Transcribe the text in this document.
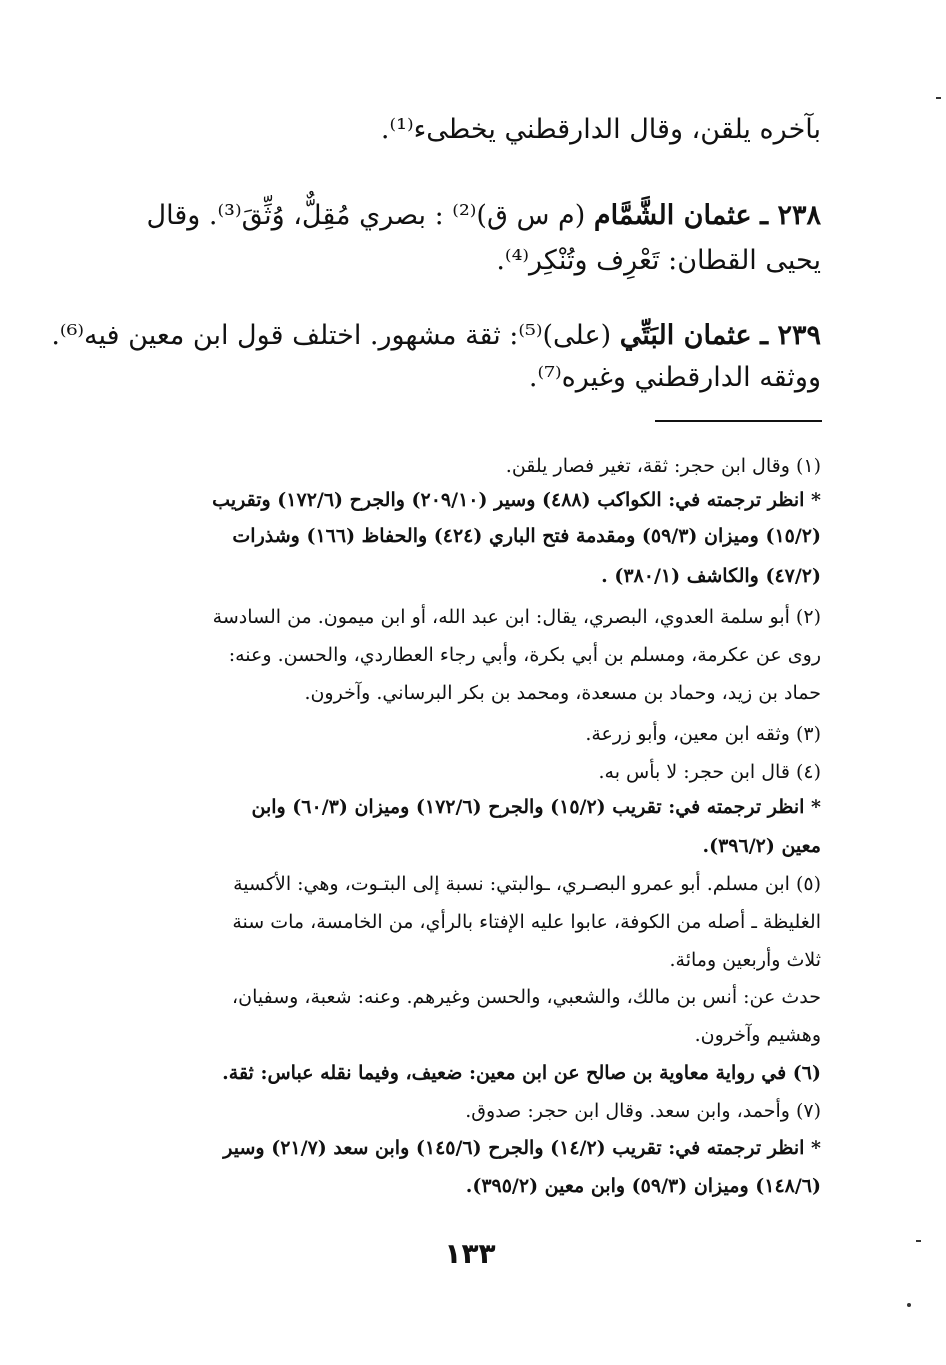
بآخره يلقن، وقال الدارقطني يخطىء⁽¹⁾.
٢٣٨ ـ عثمان الشَّمَّام (م س ق)⁽²⁾ : بصري مُقِلٌّ، وُثِّقَ⁽³⁾. وقال
يحيى القطان: تَعْرِف وتُنْكِر⁽⁴⁾.
٢٣٩ ـ عثمان البَتِّي (علی)⁽⁵⁾: ثقة مشهور. اختلف قول ابن معين فيه⁽⁶⁾.
ووثقه الدارقطني وغيره⁽⁷⁾.
(١) وقال ابن حجر: ثقة، تغير فصار يلقن.
* انظر ترجمته في: الكواكب (٤٨٨) وسير (٢٠٩/١٠) والجرح (١٧٢/٦) وتقريب
(١٥/٢) وميزان (٥٩/٣) ومقدمة فتح الباري (٤٢٤) والحفاظ (١٦٦) وشذرات
(٤٧/٢) والكاشف (٣٨٠/١) .
(٢) أبو سلمة العدوي، البصري، يقال: ابن عبد الله، أو ابن ميمون. من السادسة
روى عن عكرمة، ومسلم بن أبي بكرة، وأبي رجاء العطاردي، والحسن. وعنه:
حماد بن زيد، وحماد بن مسعدة، ومحمد بن بكر البرساني. وآخرون.
(٣) وثقه ابن معين، وأبو زرعة.
(٤) قال ابن حجر: لا بأس به.
* انظر ترجمته في: تقريب (١٥/٢) والجرح (١٧٢/٦) وميزان (٦٠/٣) وابن
معين (٣٩٦/٢).
(٥) ابن مسلم. أبو عمرو البصـري، ـوالبتي: نسبة إلى البتـوت، وهي: الأكسية
الغليظة ـ أصله من الكوفة، عابوا عليه الإفتاء بالرأي، من الخامسة، مات سنة
ثلاث وأربعين ومائة.
حدث عن: أنس بن مالك، والشعبي، والحسن وغيرهم. وعنه: شعبة، وسفيان،
وهشيم وآخرون.
(٦) في رواية معاوية بن صالح عن ابن معين: ضعيف، وفيما نقله عباس: ثقة.
(٧) وأحمد، وابن سعد. وقال ابن حجر: صدوق.
* انظر ترجمته في: تقريب (١٤/٢) والجرح (١٤٥/٦) وابن سعد (٢١/٧) وسير
(١٤٨/٦) وميزان (٥٩/٣) وابن معين (٣٩٥/٢).
١٣٣
